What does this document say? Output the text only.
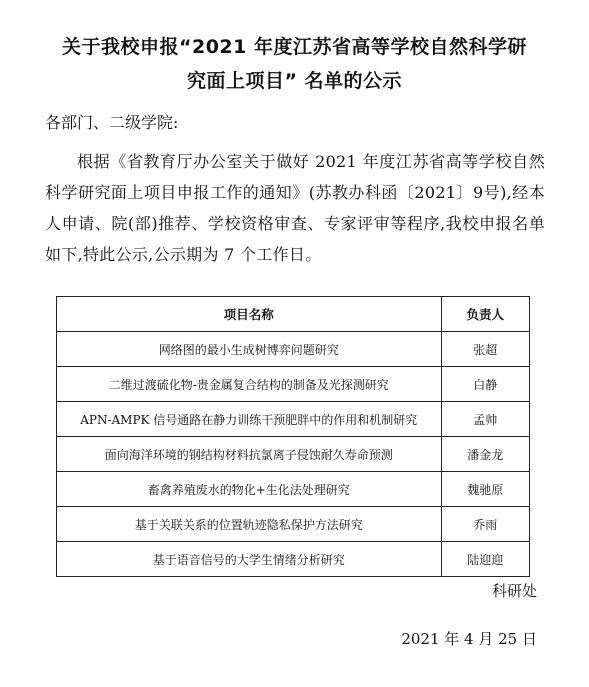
关于我校申报“2021 年度江苏省高等学校自然科学研
究面上项目” 名单的公示
各部门、二级学院:
根据《省教育厅办公室关于做好 2021 年度江苏省高等学校自然科学研究面上项目申报工作的通知》(苏教办科函〔2021〕9号),经本人申请、院(部)推荐、学校资格审查、专家评审等程序,我校申报名单如下,特此公示,公示期为 7 个工作日。
项目名称	负责人
网络图的最小生成树博弈问题研究	张超
二维过渡硫化物-贵金属复合结构的制备及光探测研究	白静
APN-AMPK 信号通路在静力训练干预肥胖中的作用和机制研究	孟帅
面向海洋环境的钢结构材料抗氯离子侵蚀耐久寿命预测	潘金龙
畜禽养殖废水的物化+生化法处理研究	魏驰原
基于关联关系的位置轨迹隐私保护方法研究	乔雨
基于语音信号的大学生情绪分析研究	陆迎迎
科研处
2021 年 4 月 25 日
